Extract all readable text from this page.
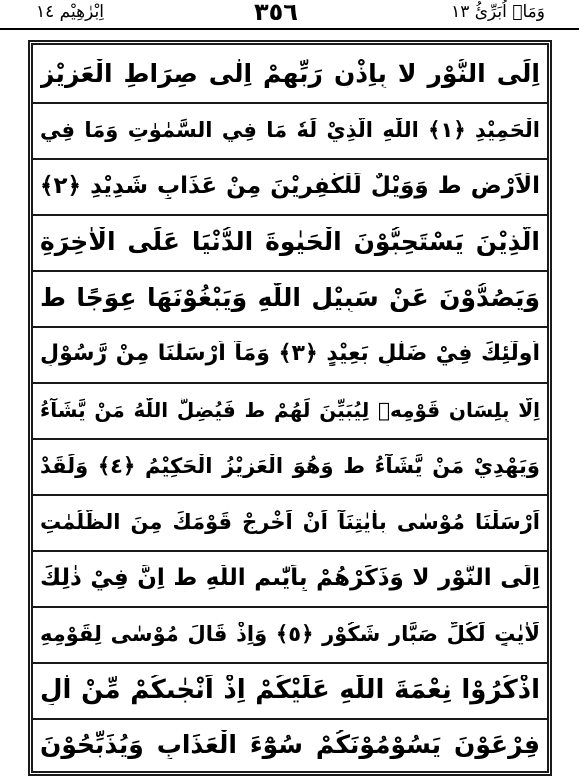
اِبْرٰهِيْم ١٤	٣٥٦	وَمَاۤ اُبَرِّئُ ١٣
اِلَى النُّوْرِ ﻻ بِاِذْنِ رَبِّهِمْ اِلٰى صِرَاطِ الْعَزِيْزِ
الْحَمِيْدِ ﴿١﴾ اللّٰهِ الَّذِيْ لَهٗ مَا فِي السَّمٰوٰتِ وَمَا فِي
الْاَرْضِ ط وَوَيْلٌ لِّلْكٰفِرِيْنَ مِنْ عَذَابٍ شَدِيْدِ ﴿٢﴾
الَّذِيْنَ يَسْتَحِبُّوْنَ الْحَيٰوةَ الدُّنْيَا عَلَى الْاٰخِرَةِ
وَيَصُدُّوْنَ عَنْ سَبِيْلِ اللّٰهِ وَيَبْغُوْنَهَا عِوَجًا ط
اُولٰٓئِكَ فِيْ ضَلٰلٍ بَعِيْدٍ ﴿٣﴾ وَمَآ اَرْسَلْنَا مِنْ رَّسُوْلٍ
اِلَّا بِلِسَانِ قَوْمِهٖ لِيُبَيِّنَ لَهُمْ ط فَيُضِلُّ اللّٰهُ مَنْ يَّشَآءُ
وَيَهْدِيْ مَنْ يَّشَآءُ ط وَهُوَ الْعَزِيْزُ الْحَكِيْمُ ﴿٤﴾ وَلَقَدْ
اَرْسَلْنَا مُوْسٰى بِاٰيٰتِنَآ اَنْ اَخْرِجْ قَوْمَكَ مِنَ الظُّلُمٰتِ
اِلَى النُّوْرِ ﻻ وَذَكِّرْهُمْ بِاَيّٰىمِ اللّٰهِ ط اِنَّ فِيْ ذٰلِكَ
لَاٰيٰتٍ لِّكُلِّ صَبَّارٍ شَكُوْرٍ ﴿٥﴾ وَاِذْ قَالَ مُوْسٰى لِقَوْمِهِ
اذْكُرُوْا نِعْمَةَ اللّٰهِ عَلَيْكُمْ اِذْ اَنْجٰىكُمْ مِّنْ اٰلِ
فِرْعَوْنَ يَسُوْمُوْنَكُمْ سُوْٓءَ الْعَذَابِ وَيُذَبِّحُوْنَ
